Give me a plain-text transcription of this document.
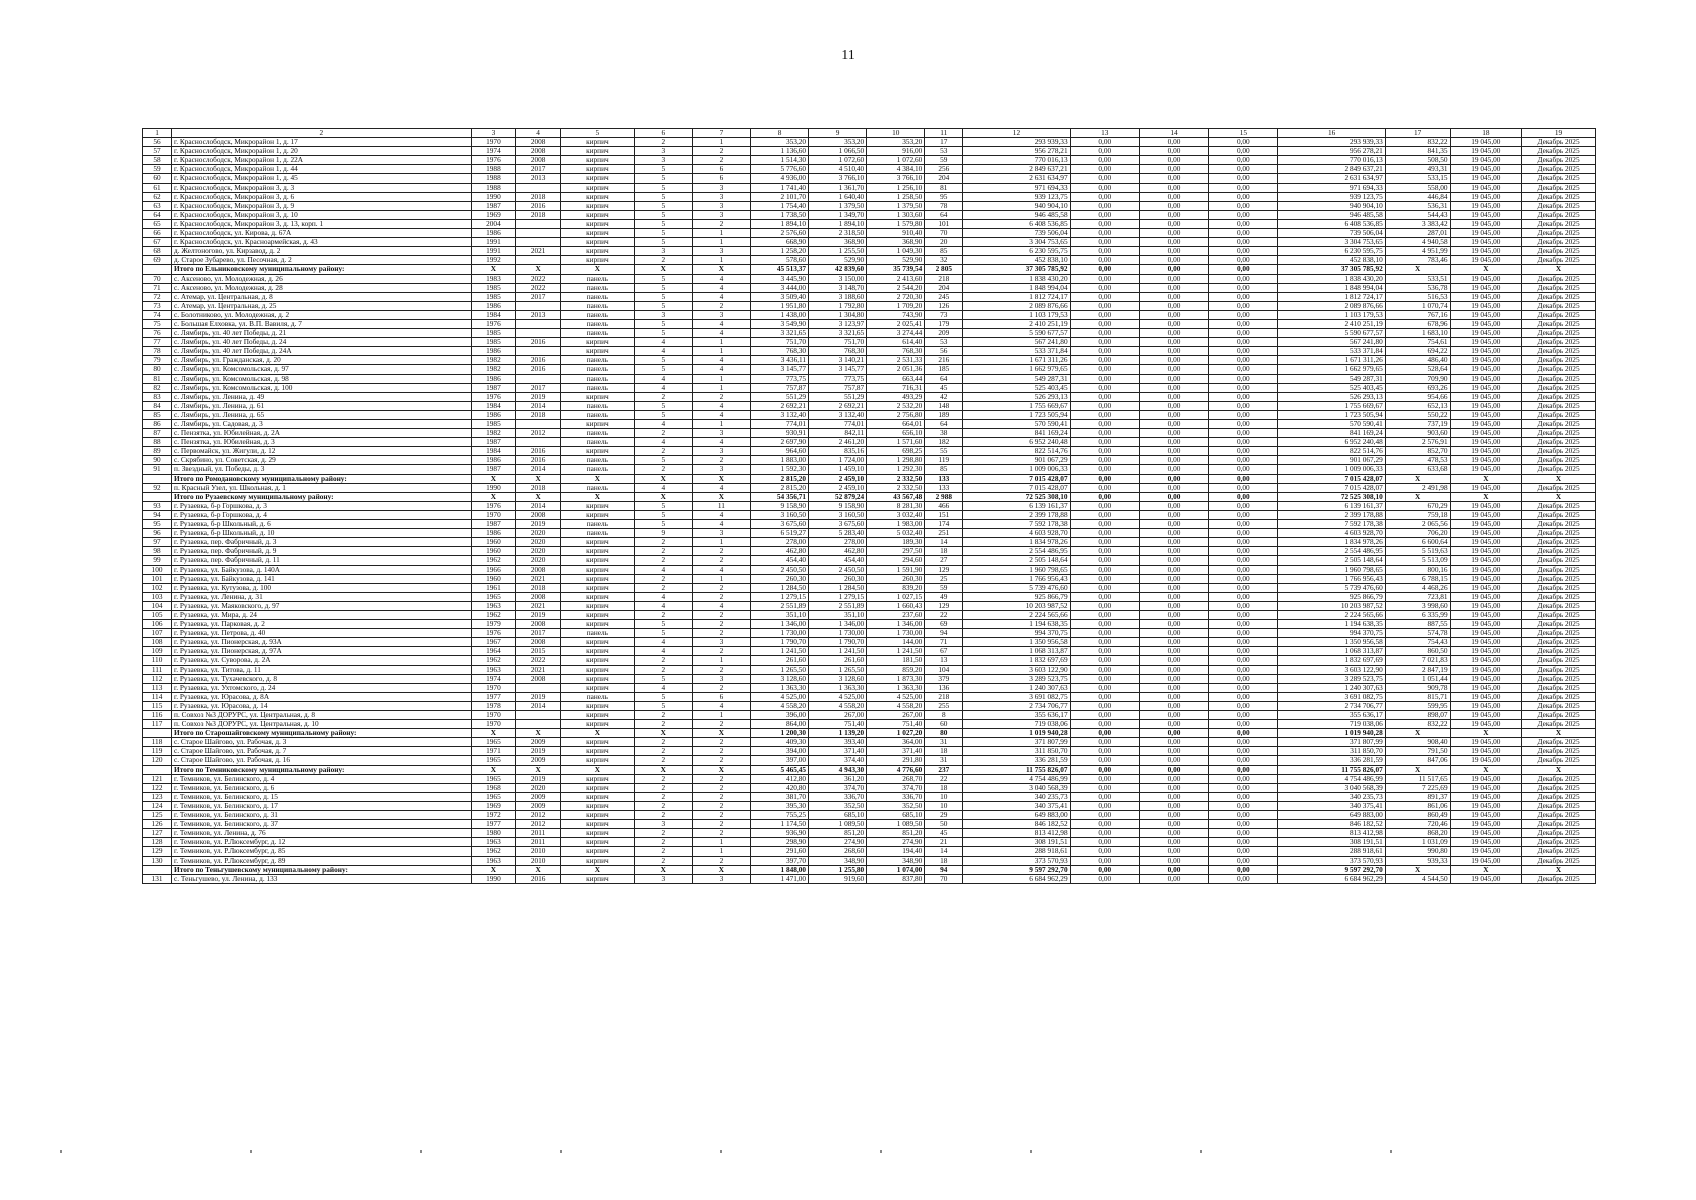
11
1	2	3	4	5	6	7	8	9	10	11	12	13	14	15	16	17	18	19
56	г. Краснослободск, Микрорайон 1, д. 17	1970	2008	кирпич	2	1	353,20	353,20	353,20	17	293 939,33	0,00	0,00	0,00	293 939,33	832,22	19 045,00	Декабрь 2025
57	г. Краснослободск, Микрорайон 1, д. 20	1974	2008	кирпич	3	2	1 136,60	1 066,50	916,00	53	956 278,21	0,00	0,00	0,00	956 278,21	841,35	19 045,00	Декабрь 2025
58	г. Краснослободск, Микрорайон 1, д. 22А	1976	2008	кирпич	3	2	1 514,30	1 072,60	1 072,60	59	770 016,13	0,00	0,00	0,00	770 016,13	508,50	19 045,00	Декабрь 2025
59	г. Краснослободск, Микрорайон 1, д. 44	1988	2017	кирпич	5	6	5 776,60	4 510,40	4 384,10	256	2 849 637,21	0,00	0,00	0,00	2 849 637,21	493,31	19 045,00	Декабрь 2025
60	г. Краснослободск, Микрорайон 1, д. 45	1988	2013	кирпич	5	6	4 936,00	3 766,10	3 766,10	204	2 631 634,97	0,00	0,00	0,00	2 631 634,97	533,15	19 045,00	Декабрь 2025
61	г. Краснослободск, Микрорайон 3, д. 3	1988		кирпич	5	3	1 741,40	1 361,70	1 256,10	81	971 694,33	0,00	0,00	0,00	971 694,33	558,00	19 045,00	Декабрь 2025
62	г. Краснослободск, Микрорайон 3, д. 6	1990	2018	кирпич	5	3	2 101,70	1 640,40	1 258,50	95	939 123,75	0,00	0,00	0,00	939 123,75	446,84	19 045,00	Декабрь 2025
63	г. Краснослободск, Микрорайон 3, д. 9	1987	2016	кирпич	5	3	1 754,40	1 379,50	1 379,50	78	940 904,10	0,00	0,00	0,00	940 904,10	536,31	19 045,00	Декабрь 2025
64	г. Краснослободск, Микрорайон 3, д. 10	1969	2018	кирпич	5	3	1 738,50	1 349,70	1 303,60	64	946 485,58	0,00	0,00	0,00	946 485,58	544,43	19 045,00	Декабрь 2025
65	г. Краснослободск, Микрорайон 3, д. 13, корп. 1	2004		кирпич	5	2	1 894,10	1 894,10	1 579,80	101	6 408 536,85	0,00	0,00	0,00	6 408 536,85	3 383,42	19 045,00	Декабрь 2025
66	г. Краснослободск, ул. Кирова, д. 67А	1986		кирпич	5	1	2 576,60	2 318,50	910,40	70	739 506,04	0,00	0,00	0,00	739 506,04	287,01	19 045,00	Декабрь 2025
67	г. Краснослободск, ул. Красноармейская, д. 43	1991		кирпич	5	1	668,90	368,90	368,90	20	3 304 753,65	0,00	0,00	0,00	3 304 753,65	4 940,58	19 045,00	Декабрь 2025
68	д. Желтоногово, ул. Кирзавод, д. 2	1991	2021	кирпич	3	3	1 258,20	1 255,50	1 049,30	85	6 230 595,75	0,00	0,00	0,00	6 230 595,75	4 951,99	19 045,00	Декабрь 2025
69	д. Старое Зубарево, ул. Песочная, д. 2	1992		кирпич	2	1	578,60	529,90	529,90	32	452 838,10	0,00	0,00	0,00	452 838,10	783,46	19 045,00	Декабрь 2025
	Итого по Ельниковскому муниципальному району:	X	X	X	X	X	45 513,37	42 839,60	35 739,54	2 805	37 305 785,92	0,00	0,00	0,00	37 305 785,92	X	X	X
70	с. Аксеново, ул. Молодежная, д. 26	1983	2022	панель	5	4	3 445,90	3 150,00	2 413,60	218	1 838 430,20	0,00	0,00	0,00	1 838 430,20	533,51	19 045,00	Декабрь 2025
71	с. Аксеново, ул. Молодежная, д. 28	1985	2022	панель	5	4	3 444,00	3 148,70	2 544,20	204	1 848 994,04	0,00	0,00	0,00	1 848 994,04	536,78	19 045,00	Декабрь 2025
72	с. Атемар, ул. Центральная, д. 8	1985	2017	панель	5	4	3 509,40	3 188,60	2 720,30	245	1 812 724,17	0,00	0,00	0,00	1 812 724,17	516,53	19 045,00	Декабрь 2025
73	с. Атемар, ул. Центральная, д. 25	1986		панель	5	2	1 951,80	1 792,80	1 709,20	126	2 089 876,66	0,00	0,00	0,00	2 089 876,66	1 070,74	19 045,00	Декабрь 2025
74	с. Болотниково, ул. Молодежная, д. 2	1984	2013	панель	3	3	1 438,00	1 304,80	743,90	73	1 103 179,53	0,00	0,00	0,00	1 103 179,53	767,16	19 045,00	Декабрь 2025
75	с. Большая Елховка, ул. В.П. Вавиля, д. 7	1976		панель	5	4	3 549,90	3 123,97	2 025,41	179	2 410 251,19	0,00	0,00	0,00	2 410 251,19	678,96	19 045,00	Декабрь 2025
76	с. Лямбирь, ул. 40 лет Победы, д. 21	1985		панель	5	4	3 321,65	3 321,65	3 274,44	209	5 590 677,57	0,00	0,00	0,00	5 590 677,57	1 683,10	19 045,00	Декабрь 2025
77	с. Лямбирь, ул. 40 лет Победы, д. 24	1985	2016	кирпич	4	1	751,70	751,70	614,40	53	567 241,80	0,00	0,00	0,00	567 241,80	754,61	19 045,00	Декабрь 2025
78	с. Лямбирь, ул. 40 лет Победы, д. 24А	1986		кирпич	4	1	768,30	768,30	768,30	56	533 371,84	0,00	0,00	0,00	533 371,84	694,22	19 045,00	Декабрь 2025
79	с. Лямбирь, ул. Гражданская, д. 20	1982	2016	панель	5	4	3 436,11	3 140,21	2 531,33	216	1 671 311,26	0,00	0,00	0,00	1 671 311,26	486,40	19 045,00	Декабрь 2025
80	с. Лямбирь, ул. Комсомольская, д. 97	1982	2016	панель	5	4	3 145,77	3 145,77	2 051,36	185	1 662 979,65	0,00	0,00	0,00	1 662 979,65	528,64	19 045,00	Декабрь 2025
81	с. Лямбирь, ул. Комсомольская, д. 98	1986		панель	4	1	773,75	773,75	663,44	64	549 287,31	0,00	0,00	0,00	549 287,31	709,90	19 045,00	Декабрь 2025
82	с. Лямбирь, ул. Комсомольская, д. 100	1987	2017	панель	4	1	757,87	757,87	716,31	45	525 403,45	0,00	0,00	0,00	525 403,45	693,26	19 045,00	Декабрь 2025
83	с. Лямбирь, ул. Ленина, д. 49	1976	2019	кирпич	2	2	551,29	551,29	493,29	42	526 293,13	0,00	0,00	0,00	526 293,13	954,66	19 045,00	Декабрь 2025
84	с. Лямбирь, ул. Ленина, д. 61	1984	2014	панель	5	4	2 692,21	2 692,21	2 532,20	148	1 755 669,67	0,00	0,00	0,00	1 755 669,67	652,13	19 045,00	Декабрь 2025
85	с. Лямбирь, ул. Ленина, д. 65	1986	2018	панель	5	4	3 132,40	3 132,40	2 756,80	189	1 723 505,94	0,00	0,00	0,00	1 723 505,94	550,22	19 045,00	Декабрь 2025
86	с. Лямбирь, ул. Садовая, д. 3	1985		кирпич	4	1	774,01	774,01	664,01	64	570 590,41	0,00	0,00	0,00	570 590,41	737,19	19 045,00	Декабрь 2025
87	с. Пензятка, ул. Юбилейная, д. 2А	1982	2012	панель	2	3	930,91	842,11	656,10	38	841 169,24	0,00	0,00	0,00	841 169,24	903,60	19 045,00	Декабрь 2025
88	с. Пензятка, ул. Юбилейная, д. 3	1987		панель	4	4	2 697,90	2 461,20	1 571,60	182	6 952 240,48	0,00	0,00	0,00	6 952 240,48	2 576,91	19 045,00	Декабрь 2025
89	с. Первомайск, ул. Жигули, д. 12	1984	2016	кирпич	2	3	964,60	835,16	698,25	55	822 514,76	0,00	0,00	0,00	822 514,76	852,70	19 045,00	Декабрь 2025
90	с. Скрябино, ул. Советская, д. 29	1986	2016	панель	5	2	1 883,00	1 724,00	1 298,80	119	901 067,29	0,00	0,00	0,00	901 067,29	478,53	19 045,00	Декабрь 2025
91	п. Звездный, ул. Победы, д. 3	1987	2014	панель	2	3	1 592,30	1 459,10	1 292,30	85	1 009 006,33	0,00	0,00	0,00	1 009 006,33	633,68	19 045,00	Декабрь 2025
	Итого по Ромодановскому муниципальному району:	X	X	X	X	X	2 815,20	2 459,10	2 332,50	133	7 015 428,07	0,00	0,00	0,00	7 015 428,07	X	X	X
92	п. Красный Узел, ул. Школьная, д. 1	1990	2018	панель	4	4	2 815,20	2 459,10	2 332,50	133	7 015 428,07	0,00	0,00	0,00	7 015 428,07	2 491,98	19 045,00	Декабрь 2025
	Итого по Рузаевскому муниципальному району:	X	X	X	X	X	54 356,71	52 879,24	43 567,48	2 988	72 525 308,10	0,00	0,00	0,00	72 525 308,10	X	X	X
93	г. Рузаевка, б-р Горшкова, д. 3	1976	2014	кирпич	5	11	9 158,90	9 158,90	8 281,30	466	6 139 161,37	0,00	0,00	0,00	6 139 161,37	670,29	19 045,00	Декабрь 2025
94	г. Рузаевка, б-р Горшкова, д. 4	1970	2008	кирпич	5	4	3 160,50	3 160,50	3 032,40	151	2 399 178,88	0,00	0,00	0,00	2 399 178,88	759,18	19 045,00	Декабрь 2025
95	г. Рузаевка, б-р Школьный, д. 6	1987	2019	панель	5	4	3 675,60	3 675,60	1 983,00	174	7 592 178,38	0,00	0,00	0,00	7 592 178,38	2 065,56	19 045,00	Декабрь 2025
96	г. Рузаевка, б-р Школьный, д. 10	1986	2020	панель	9	3	6 519,27	5 283,40	5 032,40	251	4 603 928,70	0,00	0,00	0,00	4 603 928,70	706,20	19 045,00	Декабрь 2025
97	г. Рузаевка, пер. Фабричный, д. 3	1960	2020	кирпич	2	1	278,00	278,00	189,30	14	1 834 978,26	0,00	0,00	0,00	1 834 978,26	6 600,64	19 045,00	Декабрь 2025
98	г. Рузаевка, пер. Фабричный, д. 9	1960	2020	кирпич	2	2	462,80	462,80	297,50	18	2 554 486,95	0,00	0,00	0,00	2 554 486,95	5 519,63	19 045,00	Декабрь 2025
99	г. Рузаевка, пер. Фабричный, д. 11	1962	2020	кирпич	2	2	454,40	454,40	294,60	27	2 505 148,64	0,00	0,00	0,00	2 505 148,64	5 513,09	19 045,00	Декабрь 2025
100	г. Рузаевка, ул. Байкузова, д. 140А	1966	2008	кирпич	4	4	2 450,50	2 450,50	1 591,90	129	1 960 798,65	0,00	0,00	0,00	1 960 798,65	800,16	19 045,00	Декабрь 2025
101	г. Рузаевка, ул. Байкузова, д. 141	1960	2021	кирпич	2	1	260,30	260,30	260,30	25	1 766 956,43	0,00	0,00	0,00	1 766 956,43	6 788,15	19 045,00	Декабрь 2025
102	г. Рузаевка, ул. Кутузова, д. 100	1961	2018	кирпич	2	2	1 284,50	1 284,50	839,20	59	5 739 476,60	0,00	0,00	0,00	5 739 476,60	4 468,26	19 045,00	Декабрь 2025
103	г. Рузаевка, ул. Ленина, д. 31	1965	2008	кирпич	4	2	1 279,15	1 279,15	1 027,15	49	925 866,79	0,00	0,00	0,00	925 866,79	723,81	19 045,00	Декабрь 2025
104	г. Рузаевка, ул. Маяковского, д. 97	1963	2021	кирпич	4	4	2 551,89	2 551,89	1 660,43	129	10 203 987,52	0,00	0,00	0,00	10 203 987,52	3 998,60	19 045,00	Декабрь 2025
105	г. Рузаевка, ул. Мира, д. 24	1962	2019	кирпич	2	2	351,10	351,10	237,60	22	2 224 565,66	0,00	0,00	0,00	2 224 565,66	6 335,99	19 045,00	Декабрь 2025
106	г. Рузаевка, ул. Парковая, д. 2	1979	2008	кирпич	5	2	1 346,00	1 346,00	1 346,00	69	1 194 638,35	0,00	0,00	0,00	1 194 638,35	887,55	19 045,00	Декабрь 2025
107	г. Рузаевка, ул. Петрова, д. 40	1976	2017	панель	5	2	1 730,00	1 730,00	1 730,00	94	994 370,75	0,00	0,00	0,00	994 370,75	574,78	19 045,00	Декабрь 2025
108	г. Рузаевка, ул. Пионерская, д. 93А	1967	2008	кирпич	4	3	1 790,70	1 790,70	144,00	71	1 350 956,58	0,00	0,00	0,00	1 350 956,58	754,43	19 045,00	Декабрь 2025
109	г. Рузаевка, ул. Пионерская, д. 97А	1964	2015	кирпич	4	2	1 241,50	1 241,50	1 241,50	67	1 068 313,87	0,00	0,00	0,00	1 068 313,87	860,50	19 045,00	Декабрь 2025
110	г. Рузаевка, ул. Суворова, д. 2А	1962	2022	кирпич	2	1	261,60	261,60	181,50	13	1 832 697,69	0,00	0,00	0,00	1 832 697,69	7 021,83	19 045,00	Декабрь 2025
111	г. Рузаевка, ул. Титова, д. 11	1963	2021	кирпич	2	2	1 265,50	1 265,50	859,20	104	3 603 122,90	0,00	0,00	0,00	3 603 122,90	2 847,19	19 045,00	Декабрь 2025
112	г. Рузаевка, ул. Тухачевского, д. 8	1974	2008	кирпич	5	3	3 128,60	3 128,60	1 873,30	379	3 289 523,75	0,00	0,00	0,00	3 289 523,75	1 051,44	19 045,00	Декабрь 2025
113	г. Рузаевка, ул. Ухтомского, д. 24	1970		кирпич	4	2	1 363,30	1 363,30	1 363,30	136	1 240 307,63	0,00	0,00	0,00	1 240 307,63	909,78	19 045,00	Декабрь 2025
114	г. Рузаевка, ул. Юрасова, д. 8А	1977	2019	панель	5	6	4 525,00	4 525,00	4 525,00	218	3 691 082,75	0,00	0,00	0,00	3 691 082,75	815,71	19 045,00	Декабрь 2025
115	г. Рузаевка, ул. Юрасова, д. 14	1978	2014	кирпич	5	4	4 558,20	4 558,20	4 558,20	255	2 734 706,77	0,00	0,00	0,00	2 734 706,77	599,95	19 045,00	Декабрь 2025
116	п. Совхоз №3 ДОРУРС, ул. Центральная, д. 8	1970		кирпич	2	1	396,00	267,00	267,00	8	355 636,17	0,00	0,00	0,00	355 636,17	898,07	19 045,00	Декабрь 2025
117	п. Совхоз №3 ДОРУРС, ул. Центральная, д. 10	1970		кирпич	2	2	864,00	751,40	751,40	60	719 038,06	0,00	0,00	0,00	719 038,06	832,22	19 045,00	Декабрь 2025
	Итого по Старошайговскому муниципальному району:	X	X	X	X	X	1 200,30	1 139,20	1 027,20	80	1 019 940,28	0,00	0,00	0,00	1 019 940,28	X	X	X
118	с. Старое Шайгово, ул. Рабочая, д. 3	1965	2009	кирпич	2	2	409,30	393,40	364,00	31	371 807,99	0,00	0,00	0,00	371 807,99	908,40	19 045,00	Декабрь 2025
119	с. Старое Шайгово, ул. Рабочая, д. 7	1971	2019	кирпич	2	2	394,00	371,40	371,40	18	311 850,70	0,00	0,00	0,00	311 850,70	791,50	19 045,00	Декабрь 2025
120	с. Старое Шайгово, ул. Рабочая, д. 16	1965	2009	кирпич	2	2	397,00	374,40	291,80	31	336 281,59	0,00	0,00	0,00	336 281,59	847,06	19 045,00	Декабрь 2025
	Итого по Темниковскому муниципальному району:	X	X	X	X	X	5 465,45	4 943,30	4 776,60	237	11 755 826,07	0,00	0,00	0,00	11 755 826,07	X	X	X
121	г. Темников, ул. Белинского, д. 4	1965	2019	кирпич	2	2	412,80	361,20	268,70	22	4 754 486,99	0,00	0,00	0,00	4 754 486,99	11 517,65	19 045,00	Декабрь 2025
122	г. Темников, ул. Белинского, д. 6	1968	2020	кирпич	2	2	420,80	374,70	374,70	18	3 040 568,39	0,00	0,00	0,00	3 040 568,39	7 225,69	19 045,00	Декабрь 2025
123	г. Темников, ул. Белинского, д. 15	1965	2009	кирпич	2	2	381,70	336,70	336,70	10	340 235,73	0,00	0,00	0,00	340 235,73	891,37	19 045,00	Декабрь 2025
124	г. Темников, ул. Белинского, д. 17	1969	2009	кирпич	2	2	395,30	352,50	352,50	10	340 375,41	0,00	0,00	0,00	340 375,41	861,06	19 045,00	Декабрь 2025
125	г. Темников, ул. Белинского, д. 31	1972	2012	кирпич	2	2	755,25	685,10	685,10	29	649 883,00	0,00	0,00	0,00	649 883,00	860,49	19 045,00	Декабрь 2025
126	г. Темников, ул. Белинского, д. 37	1977	2012	кирпич	3	2	1 174,50	1 089,50	1 089,50	50	846 182,52	0,00	0,00	0,00	846 182,52	720,46	19 045,00	Декабрь 2025
127	г. Темников, ул. Ленина, д. 76	1980	2011	кирпич	2	2	936,90	851,20	851,20	45	813 412,98	0,00	0,00	0,00	813 412,98	868,20	19 045,00	Декабрь 2025
128	г. Темников, ул. Р.Люксембург, д. 12	1963	2011	кирпич	2	1	298,90	274,90	274,90	21	308 191,51	0,00	0,00	0,00	308 191,51	1 031,09	19 045,00	Декабрь 2025
129	г. Темников, ул. Р.Люксембург, д. 85	1962	2010	кирпич	2	1	291,60	268,60	194,40	14	288 918,61	0,00	0,00	0,00	288 918,61	990,80	19 045,00	Декабрь 2025
130	г. Темников, ул. Р.Люксембург, д. 89	1963	2010	кирпич	2	2	397,70	348,90	348,90	18	373 570,93	0,00	0,00	0,00	373 570,93	939,33	19 045,00	Декабрь 2025
	Итого по Теньгушевскому муниципальному району:	X	X	X	X	X	1 848,00	1 255,80	1 074,00	94	9 597 292,70	0,00	0,00	0,00	9 597 292,70	X	X	X
131	с. Теньгушево, ул. Ленина, д. 133	1990	2016	кирпич	3	3	1 471,00	919,60	837,80	70	6 684 962,29	0,00	0,00	0,00	6 684 962,29	4 544,50	19 045,00	Декабрь 2025
